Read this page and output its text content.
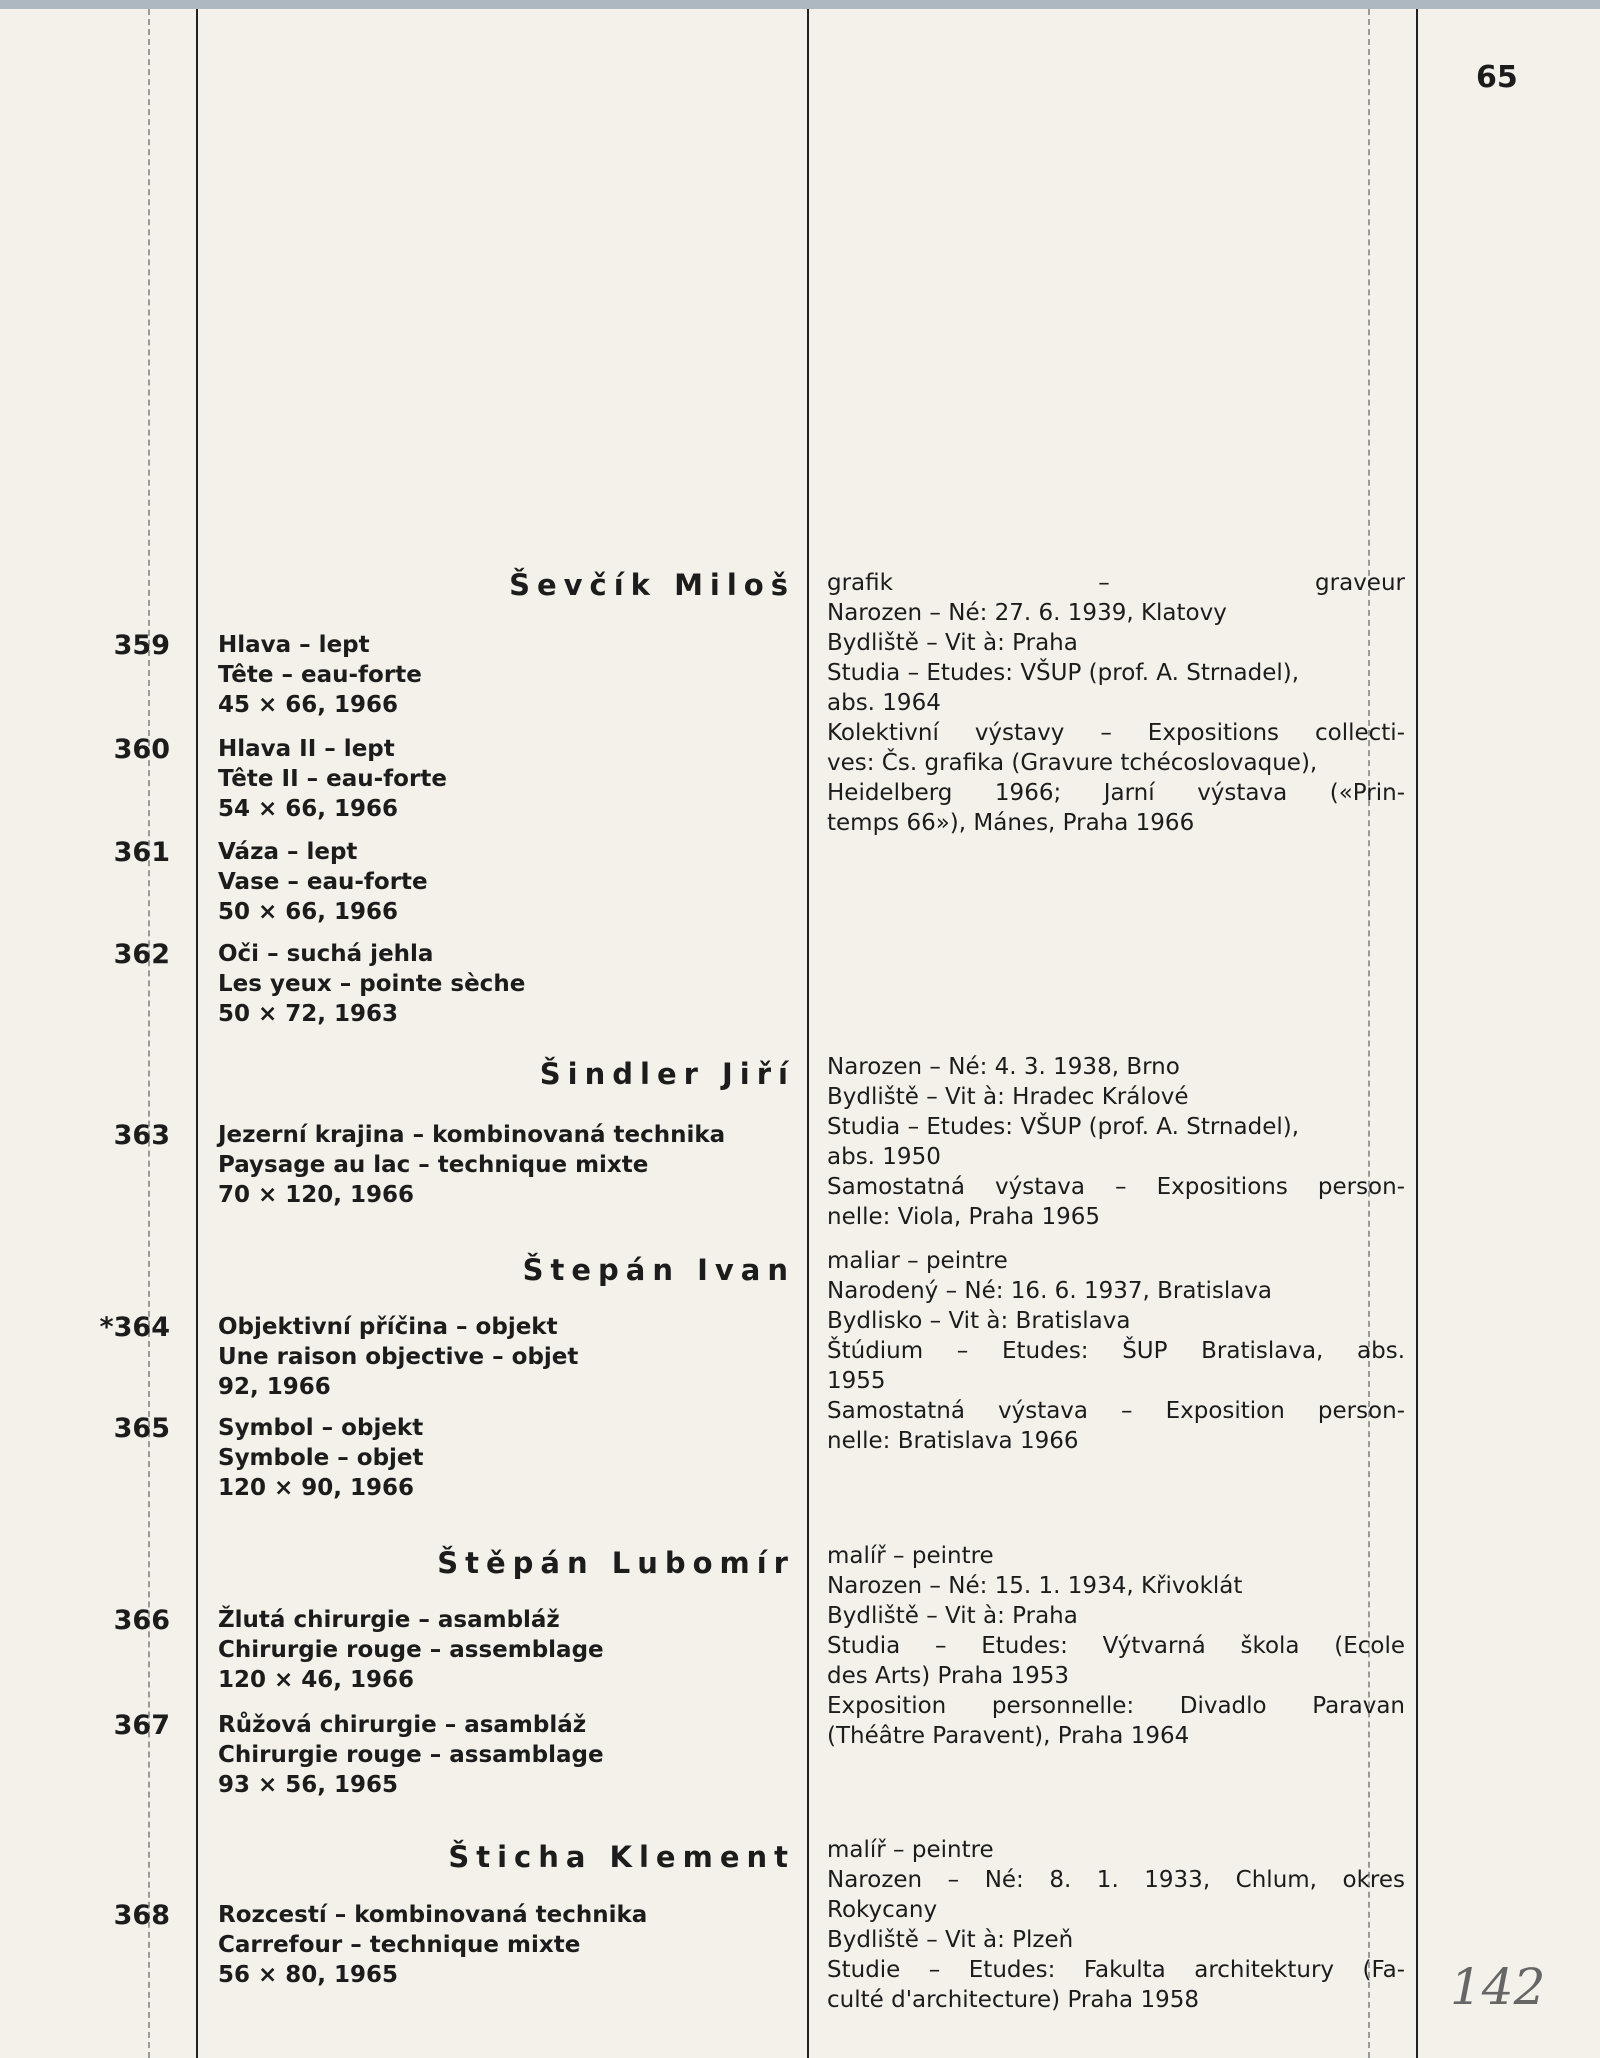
65
Ševčík Miloš
359 Hlava – lept
Tête – eau-forte
45 × 66, 1966
360 Hlava II – lept
Tête II – eau-forte
54 × 66, 1966
361 Váza – lept
Vase – eau-forte
50 × 66, 1966
362 Oči – suchá jehla
Les yeux – pointe sèche
50 × 72, 1963
grafik – graveur
Narozen – Né: 27. 6. 1939, Klatovy
Bydliště – Vit à: Praha
Studia – Etudes: VŠUP (prof. A. Strnadel),
abs. 1964
Kolektivní výstavy – Expositions collecti-
ves: Čs. grafika (Gravure tchécoslovaque),
Heidelberg 1966; Jarní výstava («Prin-
temps 66»), Mánes, Praha 1966
Šindler Jiří
363 Jezerní krajina – kombinovaná technika
Paysage au lac – technique mixte
70 × 120, 1966
Narozen – Né: 4. 3. 1938, Brno
Bydliště – Vit à: Hradec Králové
Studia – Etudes: VŠUP (prof. A. Strnadel),
abs. 1950
Samostatná výstava – Expositions person-
nelle: Viola, Praha 1965
Štepán Ivan
*364 Objektivní příčina – objekt
Une raison objective – objet
92, 1966
365 Symbol – objekt
Symbole – objet
120 × 90, 1966
maliar – peintre
Narodený – Né: 16. 6. 1937, Bratislava
Bydlisko – Vit à: Bratislava
Štúdium – Etudes: ŠUP Bratislava, abs.
1955
Samostatná výstava – Exposition person-
nelle: Bratislava 1966
Štěpán Lubomír
366 Žlutá chirurgie – asambláž
Chirurgie rouge – assemblage
120 × 46, 1966
367 Růžová chirurgie – asambláž
Chirurgie rouge – assamblage
93 × 56, 1965
malíř – peintre
Narozen – Né: 15. 1. 1934, Křivoklát
Bydliště – Vit à: Praha
Studia – Etudes: Výtvarná škola (Ecole
des Arts) Praha 1953
Exposition personnelle: Divadlo Paravan
(Théâtre Paravent), Praha 1964
Šticha Klement
368 Rozcestí – kombinovaná technika
Carrefour – technique mixte
56 × 80, 1965
malíř – peintre
Narozen – Né: 8. 1. 1933, Chlum, okres
Rokycany
Bydliště – Vit à: Plzeň
Studie – Etudes: Fakulta architektury (Fa-
culté d'architecture) Praha 1958	142
